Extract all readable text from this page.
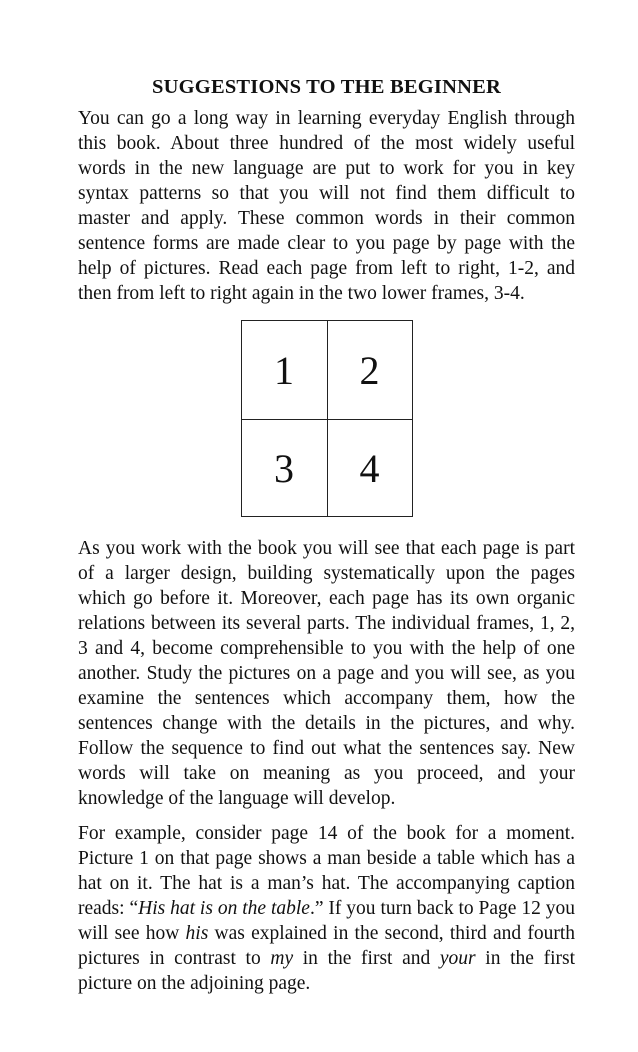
SUGGESTIONS TO THE BEGINNER

You can go a long way in learning everyday English through this book. About three hundred of the most widely useful words in the new language are put to work for you in key syntax patterns so that you will not find them difficult to master and apply. These common words in their common sentence forms are made clear to you page by page with the help of pictures. Read each page from left to right, 1-2, and then from left to right again in the two lower frames, 3-4.

1	2
3	4

As you work with the book you will see that each page is part of a larger design, building systematically upon the pages which go before it. Moreover, each page has its own organic relations between its several parts. The individual frames, 1, 2, 3 and 4, become comprehensible to you with the help of one another. Study the pictures on a page and you will see, as you examine the sentences which accompany them, how the sentences change with the details in the pictures, and why. Follow the sequence to find out what the sentences say. New words will take on meaning as you proceed, and your knowledge of the language will develop.

For example, consider page 14 of the book for a moment. Picture 1 on that page shows a man beside a table which has a hat on it. The hat is a man’s hat. The accompanying caption reads: “His hat is on the table.” If you turn back to Page 12 you will see how his was explained in the second, third and fourth pictures in contrast to my in the first and your in the first picture on the adjoining page.
